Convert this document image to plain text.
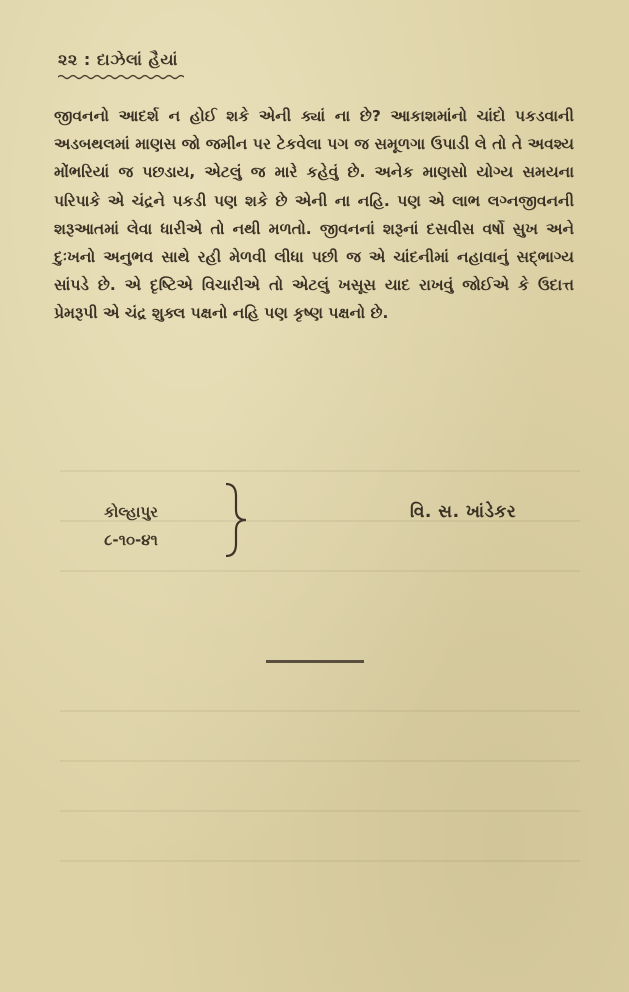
૨૨ : દાઝેલાં હૈયાં

જીવનનો આદર્શ ન હોઈ શકે એની ક્યાં ના છે? આકાશમાંનો ચાંદો પકડવાની અડબથલમાં માણસ જો જમીન પર ટેકવેલા પગ જ સમૂળગા ઉપાડી લે તો તે અવશ્ય મોંભરિયાં જ પછડાય, એટલું જ મારે કહેવું છે. અનેક માણસો યોગ્ય સમયના પરિપાકે એ ચંદ્રને પકડી પણ શકે છે એની ના નહિ. પણ એ લાભ લગ્નજીવનની શરૂઆતમાં લેવા ધારીએ તો નથી મળતો. જીવનનાં શરૂનાં દસવીસ વર્ષો સુખ અને દુઃખનો અનુભવ સાથે રહી મેળવી લીધા પછી જ એ ચાંદનીમાં નહાવાનું સદ્‌ભાગ્ય સાંપડે છે. એ દૃષ્ટિએ વિચારીએ તો એટલું ખસૂસ યાદ રાખવું જોઈએ કે ઉદાત્ત પ્રેમરૂપી એ ચંદ્ર શુક્લ પક્ષનો નહિ પણ કૃષ્ણ પક્ષનો છે.

કોલ્હાપુર
૮-૧૦-૪૧
વિ. સ. ખાંડેકર
